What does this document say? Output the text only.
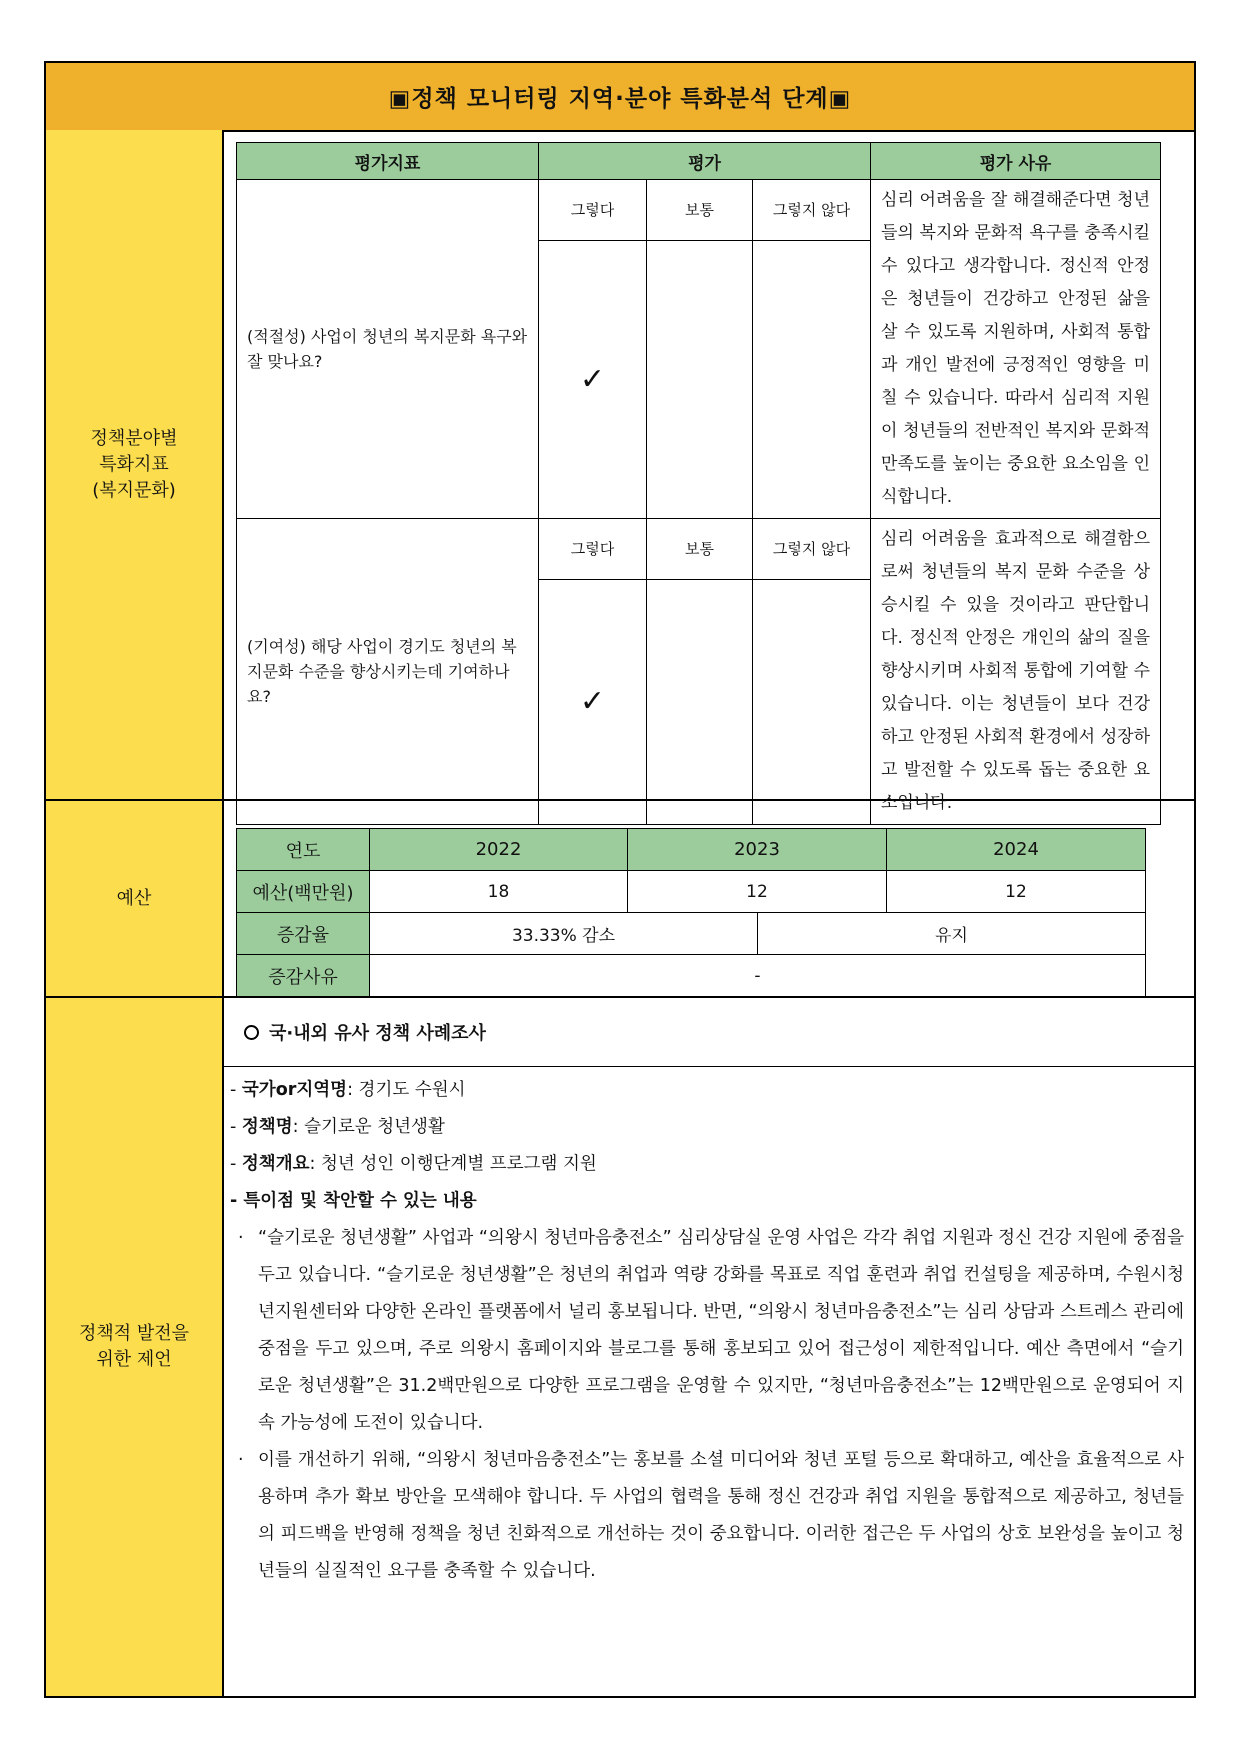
▣정책 모니터링 지역·분야 특화분석 단계▣
정책분야별
특화지표
(복지문화)
평가지표	평가			평가 사유
(적절성) 사업이 청년의 복지문화 욕구와 잘 맞나요?	그렇다	보통	그렇지 않다	심리 어려움을 잘 해결해준다면 청년들의 복지와 문화적 욕구를 충족시킬 수 있다고 생각합니다. 정신적 안정은 청년들이 건강하고 안정된 삶을 살 수 있도록 지원하며, 사회적 통합과 개인 발전에 긍정적인 영향을 미칠 수 있습니다. 따라서 심리적 지원이 청년들의 전반적인 복지와 문화적 만족도를 높이는 중요한 요소임을 인식합니다.
	✓			
(기여성) 해당 사업이 경기도 청년의 복지문화 수준을 향상시키는데 기여하나요?	그렇다	보통	그렇지 않다	심리 어려움을 효과적으로 해결함으로써 청년들의 복지 문화 수준을 상승시킬 수 있을 것이라고 판단합니다. 정신적 안정은 개인의 삶의 질을 향상시키며 사회적 통합에 기여할 수 있습니다. 이는 청년들이 보다 건강하고 안정된 사회적 환경에서 성장하고 발전할 수 있도록 돕는 중요한 요소입니다.
	✓			
예산
연도	2022	2023		2024
예산(백만원)	18	12		12
증감율	33.33% 감소		유지	
증감사유	-			
정책적 발전을
위한 제언
국·내외 유사 정책 사례조사
- 국가or지역명: 경기도 수원시
- 정책명: 슬기로운 청년생활
- 정책개요: 청년 성인 이행단계별 프로그램 지원
- 특이점 및 착안할 수 있는 내용
· “슬기로운 청년생활” 사업과 “의왕시 청년마음충전소” 심리상담실 운영 사업은 각각 취업 지원과 정신 건강 지원에 중점을 두고 있습니다. “슬기로운 청년생활”은 청년의 취업과 역량 강화를 목표로 직업 훈련과 취업 컨설팅을 제공하며, 수원시청년지원센터와 다양한 온라인 플랫폼에서 널리 홍보됩니다. 반면, “의왕시 청년마음충전소”는 심리 상담과 스트레스 관리에 중점을 두고 있으며, 주로 의왕시 홈페이지와 블로그를 통해 홍보되고 있어 접근성이 제한적입니다. 예산 측면에서 “슬기로운 청년생활”은 31.2백만원으로 다양한 프로그램을 운영할 수 있지만, “청년마음충전소”는 12백만원으로 운영되어 지속 가능성에 도전이 있습니다.
· 이를 개선하기 위해, “의왕시 청년마음충전소”는 홍보를 소셜 미디어와 청년 포털 등으로 확대하고, 예산을 효율적으로 사용하며 추가 확보 방안을 모색해야 합니다. 두 사업의 협력을 통해 정신 건강과 취업 지원을 통합적으로 제공하고, 청년들의 피드백을 반영해 정책을 청년 친화적으로 개선하는 것이 중요합니다. 이러한 접근은 두 사업의 상호 보완성을 높이고 청년들의 실질적인 요구를 충족할 수 있습니다.
